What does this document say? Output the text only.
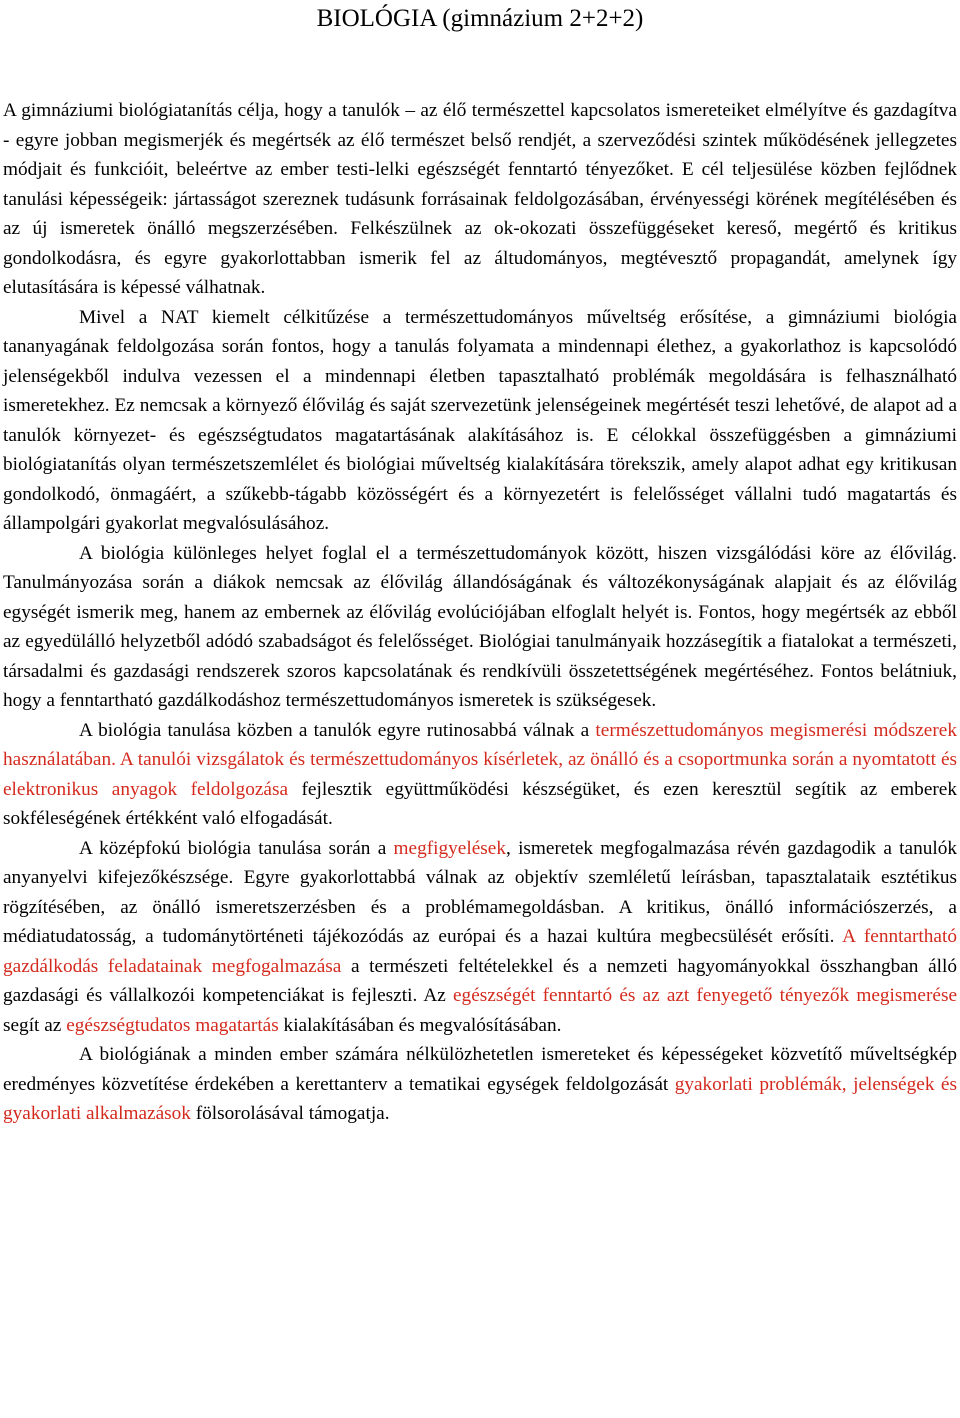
BIOLÓGIA (gimnázium 2+2+2)

A gimnáziumi biológiatanítás célja, hogy a tanulók – az élő természettel kapcsolatos ismereteiket elmélyítve és gazdagítva - egyre jobban megismerjék és megértsék az élő természet belső rendjét, a szerveződési szintek működésének jellegzetes módjait és funkcióit, beleértve az ember testi-lelki egészségét fenntartó tényezőket. E cél teljesülése közben fejlődnek tanulási képességeik: jártasságot szereznek tudásunk forrásainak feldolgozásában, érvényességi körének megítélésében és az új ismeretek önálló megszerzésében. Felkészülnek az ok-okozati összefüggéseket kereső, megértő és kritikus gondolkodásra, és egyre gyakorlottabban ismerik fel az áltudományos, megtévesztő propagandát, amelynek így elutasítására is képessé válhatnak.

Mivel a NAT kiemelt célkitűzése a természettudományos műveltség erősítése, a gimnáziumi biológia tananyagának feldolgozása során fontos, hogy a tanulás folyamata a mindennapi élethez, a gyakorlathoz is kapcsolódó jelenségekből indulva vezessen el a mindennapi életben tapasztalható problémák megoldására is felhasználható ismeretekhez. Ez nemcsak a környező élővilág és saját szervezetünk jelenségeinek megértését teszi lehetővé, de alapot ad a tanulók környezet- és egészségtudatos magatartásának alakításához is. E célokkal összefüggésben a gimnáziumi biológiatanítás olyan természetszemlélet és biológiai műveltség kialakítására törekszik, amely alapot adhat egy kritikusan gondolkodó, önmagáért, a szűkebb-tágabb közösségért és a környezetért is felelősséget vállalni tudó magatartás és állampolgári gyakorlat megvalósulásához.

A biológia különleges helyet foglal el a természettudományok között, hiszen vizsgálódási köre az élővilág. Tanulmányozása során a diákok nemcsak az élővilág állandóságának és változékonyságának alapjait és az élővilág egységét ismerik meg, hanem az embernek az élővilág evolúciójában elfoglalt helyét is. Fontos, hogy megértsék az ebből az egyedülálló helyzetből adódó szabadságot és felelősséget. Biológiai tanulmányaik hozzásegítik a fiatalokat a természeti, társadalmi és gazdasági rendszerek szoros kapcsolatának és rendkívüli összetettségének megértéséhez. Fontos belátniuk, hogy a fenntartható gazdálkodáshoz természettudományos ismeretek is szükségesek.

A biológia tanulása közben a tanulók egyre rutinosabbá válnak a természettudományos megismerési módszerek használatában. A tanulói vizsgálatok és természettudományos kísérletek, az önálló és a csoportmunka során a nyomtatott és elektronikus anyagok feldolgozása fejlesztik együttműködési készségüket, és ezen keresztül segítik az emberek sokféleségének értékként való elfogadását.

A középfokú biológia tanulása során a megfigyelések, ismeretek megfogalmazása révén gazdagodik a tanulók anyanyelvi kifejezőkészsége. Egyre gyakorlottabbá válnak az objektív szemléletű leírásban, tapasztalataik esztétikus rögzítésében, az önálló ismeretszerzésben és a problémamegoldásban. A kritikus, önálló információszerzés, a médiatudatosság, a tudománytörténeti tájékozódás az európai és a hazai kultúra megbecsülését erősíti. A fenntartható gazdálkodás feladatainak megfogalmazása a természeti feltételekkel és a nemzeti hagyományokkal összhangban álló gazdasági és vállalkozói kompetenciákat is fejleszti. Az egészségét fenntartó és az azt fenyegető tényezők megismerése segít az egészségtudatos magatartás kialakításában és megvalósításában.

A biológiának a minden ember számára nélkülözhetetlen ismereteket és képességeket közvetítő műveltségkép eredményes közvetítése érdekében a kerettanterv a tematikai egységek feldolgozását gyakorlati problémák, jelenségek és gyakorlati alkalmazások fölsorolásával támogatja.
